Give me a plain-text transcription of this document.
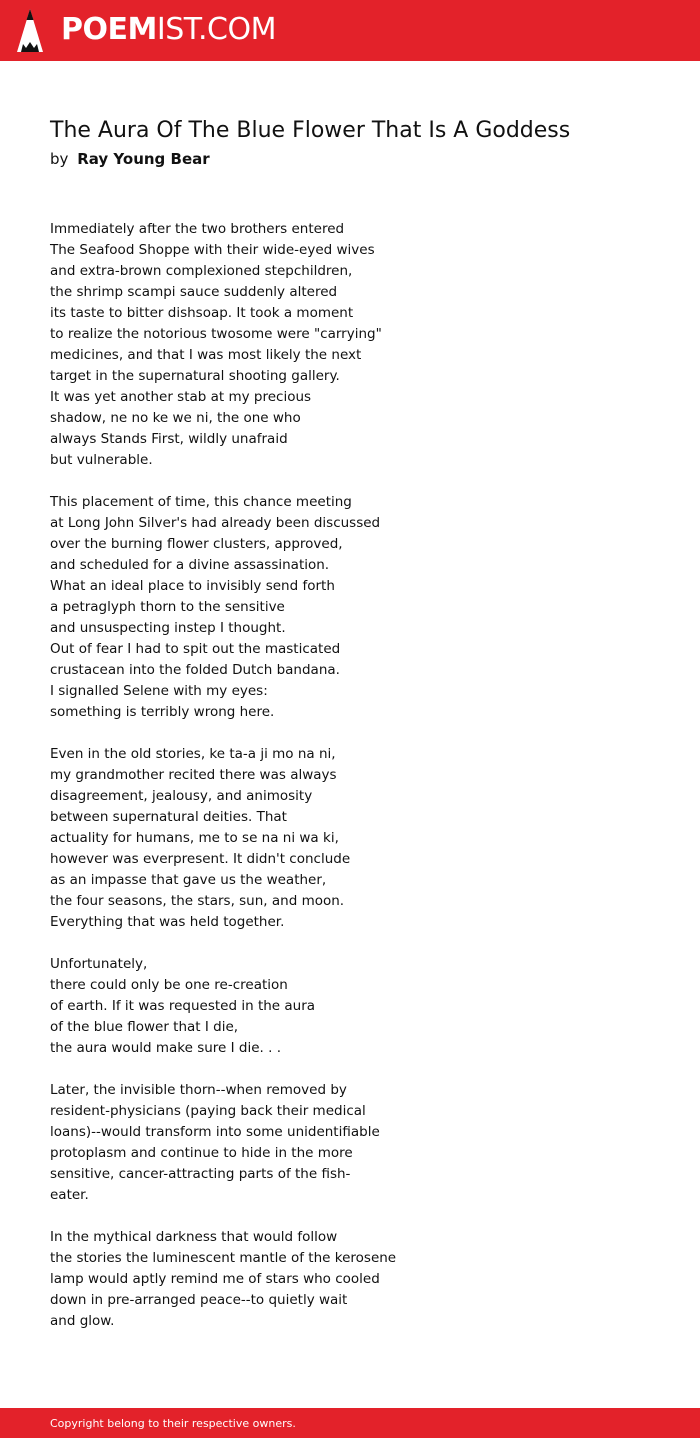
POEMIST.COM
The Aura Of The Blue Flower That Is A Goddess
by Ray Young Bear
Immediately after the two brothers entered
The Seafood Shoppe with their wide-eyed wives
and extra-brown complexioned stepchildren,
the shrimp scampi sauce suddenly altered
its taste to bitter dishsoap. It took a moment
to realize the notorious twosome were "carrying"
medicines, and that I was most likely the next
target in the supernatural shooting gallery.
It was yet another stab at my precious
shadow, ne no ke we ni, the one who
always Stands First, wildly unafraid
but vulnerable.
This placement of time, this chance meeting
at Long John Silver's had already been discussed
over the burning flower clusters, approved,
and scheduled for a divine assassination.
What an ideal place to invisibly send forth
a petraglyph thorn to the sensitive
and unsuspecting instep I thought.
Out of fear I had to spit out the masticated
crustacean into the folded Dutch bandana.
I signalled Selene with my eyes:
something is terribly wrong here.
Even in the old stories, ke ta-a ji mo na ni,
my grandmother recited there was always
disagreement, jealousy, and animosity
between supernatural deities. That
actuality for humans, me to se na ni wa ki,
however was everpresent. It didn't conclude
as an impasse that gave us the weather,
the four seasons, the stars, sun, and moon.
Everything that was held together.
Unfortunately,
there could only be one re-creation
of earth. If it was requested in the aura
of the blue flower that I die,
the aura would make sure I die. . .
Later, the invisible thorn--when removed by
resident-physicians (paying back their medical
loans)--would transform into some unidentifiable
protoplasm and continue to hide in the more
sensitive, cancer-attracting parts of the fish-
eater.
In the mythical darkness that would follow
the stories the luminescent mantle of the kerosene
lamp would aptly remind me of stars who cooled
down in pre-arranged peace--to quietly wait
and glow.
Copyright belong to their respective owners.
